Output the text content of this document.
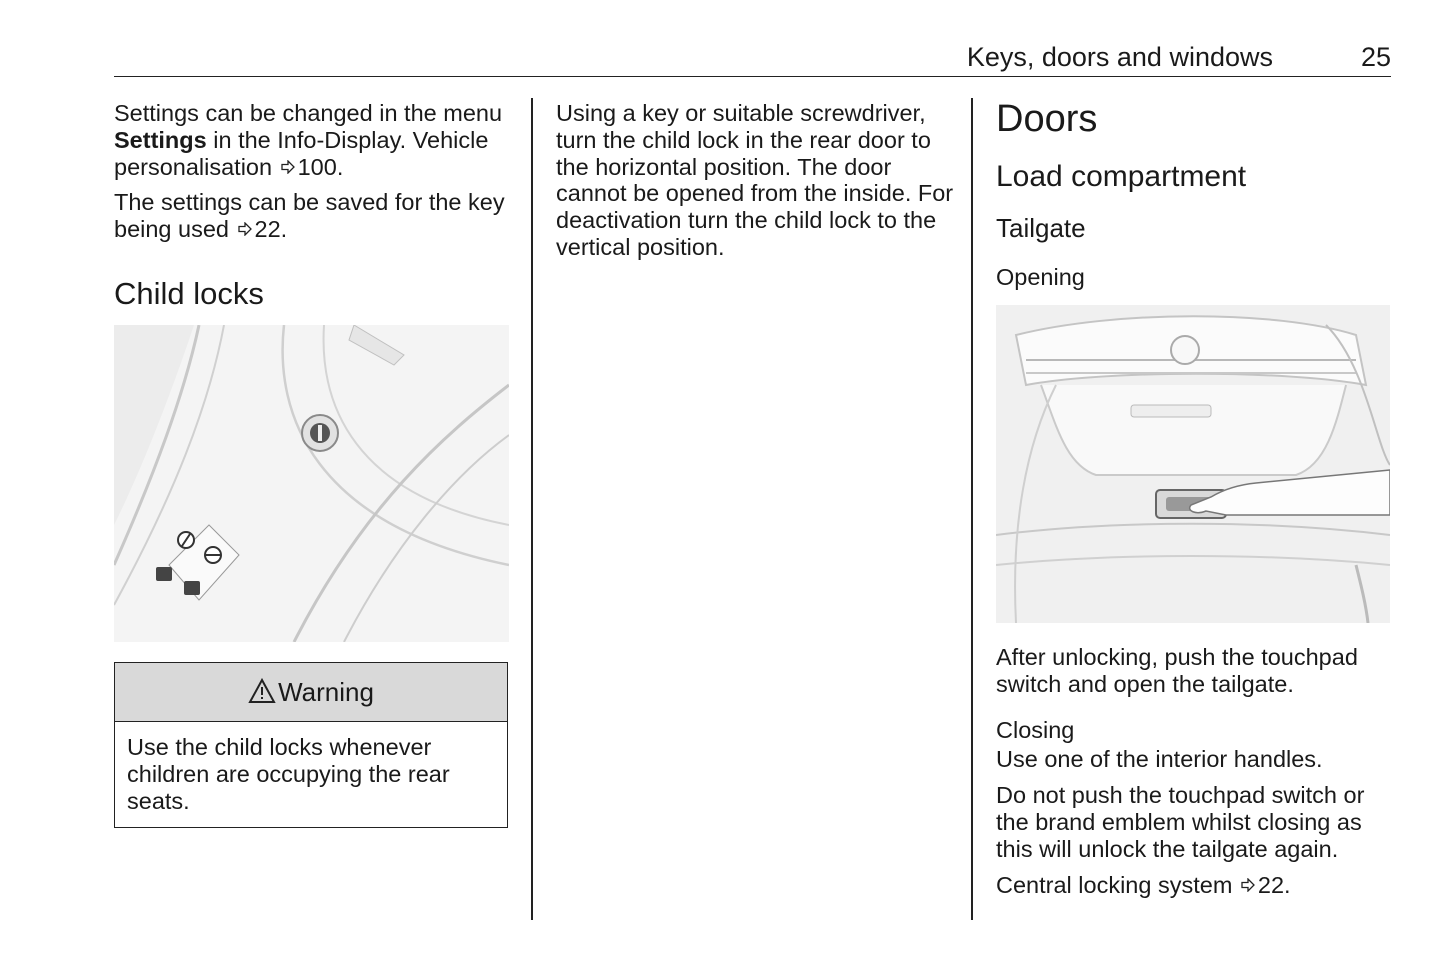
Keys, doors and windows	25

Settings can be changed in the menu Settings in the Info-Display. Vehicle personalisation 100.

The settings can be saved for the key being used 22.

Child locks
Warning
Use the child locks whenever children are occupying the rear seats.

Using a key or suitable screwdriver, turn the child lock in the rear door to the horizontal position. The door cannot be opened from the inside. For deactivation turn the child lock to the vertical position.

Doors
Load compartment
Tailgate
Opening

After unlocking, push the touchpad switch and open the tailgate.

Closing

Use one of the interior handles.

Do not push the touchpad switch or the brand emblem whilst closing as this will unlock the tailgate again.

Central locking system 22.
